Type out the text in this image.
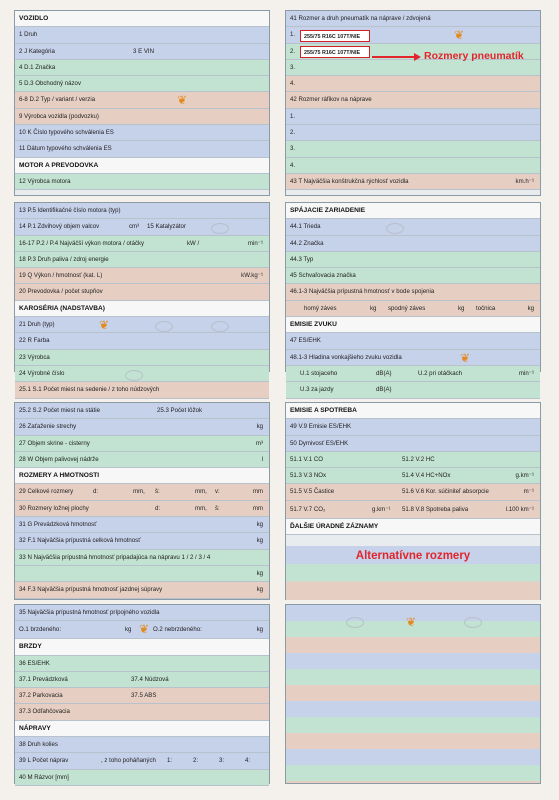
VOZIDLO
1 Druh
2 J Kategória	3 E VIN
4 D.1 Značka
5 D.3 Obchodný názov
6-8 D.2 Typ / variant / verzia	❦
9 Výrobca vozidla (podvozku)
10 K Číslo typového schválenia ES
11 Dátum typového schválenia ES
MOTOR A PREVODOVKA
12 Výrobca motora
13 P.5 Identifikačné číslo motora (typ)
14 P.1 Zdvihový objem valcov	cm³ 15 Katalyzátor
16-17 P.2 / P.4 Najväčší výkon motora / otáčky	kW /	min⁻¹
18 P.3 Druh paliva / zdroj energie
19 Q Výkon / hmotnosť (kat. L)	kW.kg⁻¹
20 Prevodovka / počet stupňov
KAROSÉRIA (NADSTAVBA)
21 Druh (typ)	❦
22 R Farba
23 Výrobca
24 Výrobné číslo
25.1 S.1 Počet miest na sedenie / z toho núdzových
25.2 S.2 Počet miest na státie	25.3 Počet lôžok
26 Zaťaženie strechy	kg
27 Objem skrine - cisterny	m³
28 W Objem palivovej nádrže	l
ROZMERY A HMOTNOSTI
29 Celkové rozmery	d:	mm, š:	mm, v:	mm
30 Rozmery ložnej plochy	d:	mm, š:	mm
31 G Prevádzková hmotnosť	kg
32 F.1 Najväčšia prípustná celková hmotnosť	kg
33 N Najväčšia prípustná hmotnosť pripadajúca na nápravu 1 / 2 / 3 / 4
kg
34 F.3 Najväčšia prípustná hmotnosť jazdnej súpravy	kg
35 Najväčšia prípustná hmotnosť prípojného vozidla
O.1 brzdeného:	kg ❦ O.2 nebrzdeného:	kg
BRZDY
36 ES/EHK
37.1 Prevádzková	37.4 Núdzová
37.2 Parkovacia	37.5 ABS
37.3 Odľahčovacia
NÁPRAVY
38 Druh kolies
39 L Počet náprav	, z toho poháňaných 1:	2:	3:	4:
40 M Rázvor [mm]
41 Rozmer a druh pneumatík na nápravе / zdvojená
1.	❦
2.
3.
4.
42 Rozmer ráfikov na nápravе
1.
2.
3.
4.
43 T Najväčšia konštrukčná rýchlosť vozidla	km.h⁻¹
255/75 R16C 107T/NIE
255/75 R16C 107T/NIE	Rozmery pneumatík
SPÁJACIE ZARIADENIE
44.1 Trieda
44.2 Značka
44.3 Typ
45 Schvaľovacia značka
46.1-3 Najväčšia prípustná hmotnosť v bode spojenia
homý záves	kg spodný záves	kg točnica	kg
EMISIE ZVUKU
47 ES/EHK
48.1-3 Hladina vonkajšieho zvuku vozidla	❦
U.1 stojaceho	dB(A)	U.2 pri otáčkach	min⁻¹
U.3 za jazdy	dB(A)
EMISIE A SPOTREBA
49 V.9 Emisie ES/EHK
50 Dymivosť ES/EHK
51.1 V.1 CO	51.2 V.2 HC
51.3 V.3 NOx	51.4 V.4 HC+NOx	g.km⁻¹
51.5 V.5 Častice	51.6 V.6 Kor. súčiniteľ absorpcie	m⁻¹
51.7 V.7 CO₂	g.km⁻¹ 51.8 V.8 Spotreba paliva	l.100 km⁻¹
ĎALŠIE ÚRADNÉ ZÁZNAMY
Alternatívne rozmery
❦
